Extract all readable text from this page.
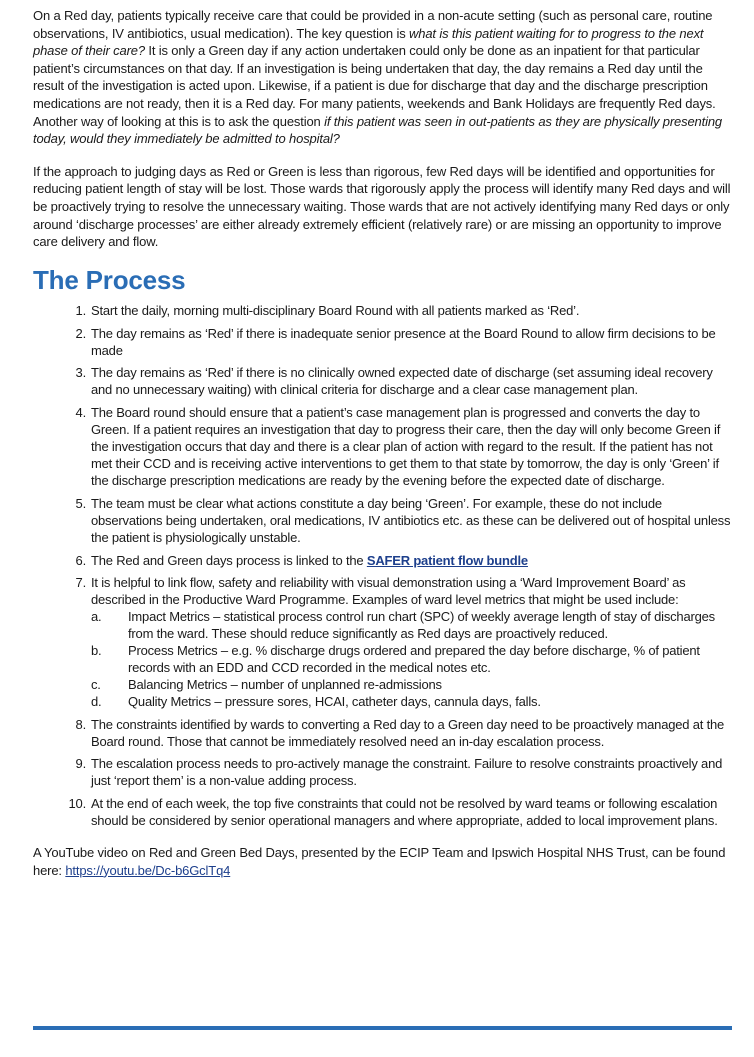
On a Red day, patients typically receive care that could be provided in a non-acute setting (such as personal care, routine observations, IV antibiotics, usual medication). The key question is what is this patient waiting for to progress to the next phase of their care? It is only a Green day if any action undertaken could only be done as an inpatient for that particular patient’s circumstances on that day. If an investigation is being undertaken that day, the day remains a Red day until the result of the investigation is acted upon. Likewise, if a patient is due for discharge that day and the discharge prescription medications are not ready, then it is a Red day. For many patients, weekends and Bank Holidays are frequently Red days. Another way of looking at this is to ask the question if this patient was seen in out-patients as they are physically presenting today, would they immediately be admitted to hospital?

If the approach to judging days as Red or Green is less than rigorous, few Red days will be identified and opportunities for reducing patient length of stay will be lost. Those wards that rigorously apply the process will identify many Red days and will be proactively trying to resolve the unnecessary waiting. Those wards that are not actively identifying many Red days or only around ‘discharge processes’ are either already extremely efficient (relatively rare) or are missing an opportunity to improve care delivery and flow.

The Process
1. Start the daily, morning multi-disciplinary Board Round with all patients marked as ‘Red’.
2. The day remains as ‘Red’ if there is inadequate senior presence at the Board Round to allow firm decisions to be made
3. The day remains as ‘Red’ if there is no clinically owned expected date of discharge (set assuming ideal recovery and no unnecessary waiting) with clinical criteria for discharge and a clear case management plan.
4. The Board round should ensure that a patient’s case management plan is progressed and converts the day to Green. If a patient requires an investigation that day to progress their care, then the day will only become Green if the investigation occurs that day and there is a clear plan of action with regard to the result. If the patient has not met their CCD and is receiving active interventions to get them to that state by tomorrow, the day is only ‘Green’ if the discharge prescription medications are ready by the evening before the expected date of discharge.
5. The team must be clear what actions constitute a day being ‘Green’. For example, these do not include observations being undertaken, oral medications, IV antibiotics etc. as these can be delivered out of hospital unless the patient is physiologically unstable.
6. The Red and Green days process is linked to the SAFER patient flow bundle
7. It is helpful to link flow, safety and reliability with visual demonstration using a ‘Ward Improvement Board’ as described in the Productive Ward Programme. Examples of ward level metrics that might be used include:
a. Impact Metrics – statistical process control run chart (SPC) of weekly average length of stay of discharges from the ward. These should reduce significantly as Red days are proactively reduced.
b. Process Metrics – e.g. % discharge drugs ordered and prepared the day before discharge, % of patient records with an EDD and CCD recorded in the medical notes etc.
c. Balancing Metrics – number of unplanned re-admissions
d. Quality Metrics – pressure sores, HCAI, catheter days, cannula days, falls.
8. The constraints identified by wards to converting a Red day to a Green day need to be proactively managed at the Board round. Those that cannot be immediately resolved need an in-day escalation process.
9. The escalation process needs to pro-actively manage the constraint. Failure to resolve constraints proactively and just ‘report them’ is a non-value adding process.
10. At the end of each week, the top five constraints that could not be resolved by ward teams or following escalation should be considered by senior operational managers and where appropriate, added to local improvement plans.

A YouTube video on Red and Green Bed Days, presented by the ECIP Team and Ipswich Hospital NHS Trust, can be found here: https://youtu.be/Dc-b6GclTq4
